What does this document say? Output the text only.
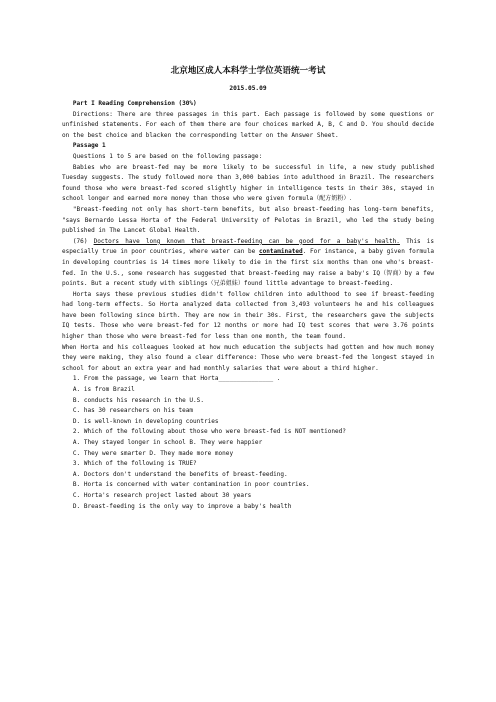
北京地区成人本科学士学位英语统一考试
2015.05.09

Part I Reading Comprehension (30%)

Directions: There are three passages in this part. Each passage is followed by some questions or unfinished statements. For each of them there are four choices marked A, B, C and D. You should decide on the best choice and blacken the corresponding letter on the Answer Sheet.

Passage 1

Questions 1 to 5 are based on the following passage:

Babies who are breast-fed may be more likely to be successful in life, a new study published Tuesday suggests. The study followed more than 3,000 babies into adulthood in Brazil. The researchers found those who were breast-fed scored slightly higher in intelligence tests in their 30s, stayed in school longer and earned more money than those who were given formula（配方奶粉）.

"Breast-feeding not only has short-term benefits, but also breast-feeding has long-term benefits, "says Bernardo Lessa Horta of the Federal University of Pelotas in Brazil, who led the study being published in The Lancet Global Health.

(76) Doctors have long known that breast-feeding can be good for a baby's health. This is especially true in poor countries, where water can be contaminated. For instance, a baby given formula in developing countries is 14 times more likely to die in the first six months than one who's breast-fed. In the U.S., some research has suggested that breast-feeding may raise a baby's IQ（智商）by a few points. But a recent study with siblings（兄弟姐妹）found little advantage to breast-feeding.

Horta says these previous studies didn't follow children into adulthood to see if breast-feeding had long-term effects. So Horta analyzed data collected from 3,493 volunteers he and his colleagues have been following since birth. They are now in their 30s. First, the researchers gave the subjects IQ tests. Those who were breast-fed for 12 months or more had IQ test scores that were 3.76 points higher than those who were breast-fed for less than one month, the team found.

When Horta and his colleagues looked at how much education the subjects had gotten and how much money they were making, they also found a clear difference: Those who were breast-fed the longest stayed in school for about an extra year and had monthly salaries that were about a third higher.

1. From the passage, we learn that Horta_______________ .

A. is from Brazil

B. conducts his research in the U.S.

C. has 30 researchers on his team

D. is well-known in developing countries

2. Which of the following about those who were breast-fed is NOT mentioned?

A. They stayed longer in school B. They were happier

C. They were smarter D. They made more money

3. Which of the following is TRUE?

A. Doctors don't understand the benefits of breast-feeding.

B. Horta is concerned with water contamination in poor countries.

C. Horta's research project lasted about 30 years

D. Breast-feeding is the only way to improve a baby's health
